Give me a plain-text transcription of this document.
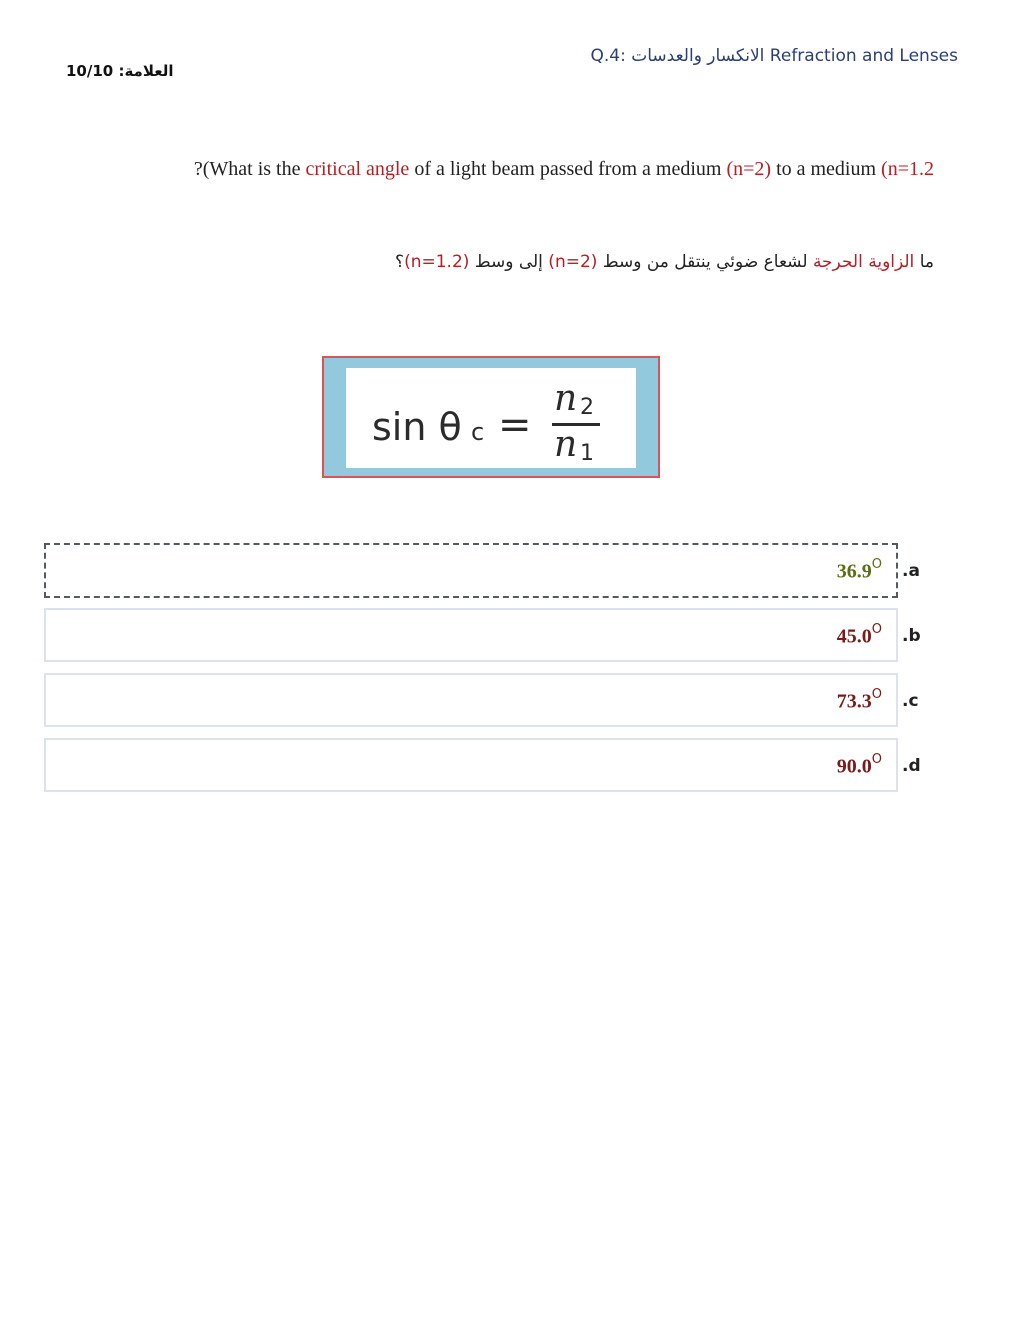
Q.4: الانكسار والعدسات Refraction and Lenses
العلامة: 10/10
?(What is the critical angle of a light beam passed from a medium (n=2) to a medium (n=1.2
ما الزاوية الحرجة لشعاع ضوئي ينتقل من وسط (n=2) إلى وسط (n=1.2)؟
sin θ c =
n 2
n 1
$36.9^O$ .a
$45.0^O$ .b
$73.3^O$ .c
$90.0^O$ .d
